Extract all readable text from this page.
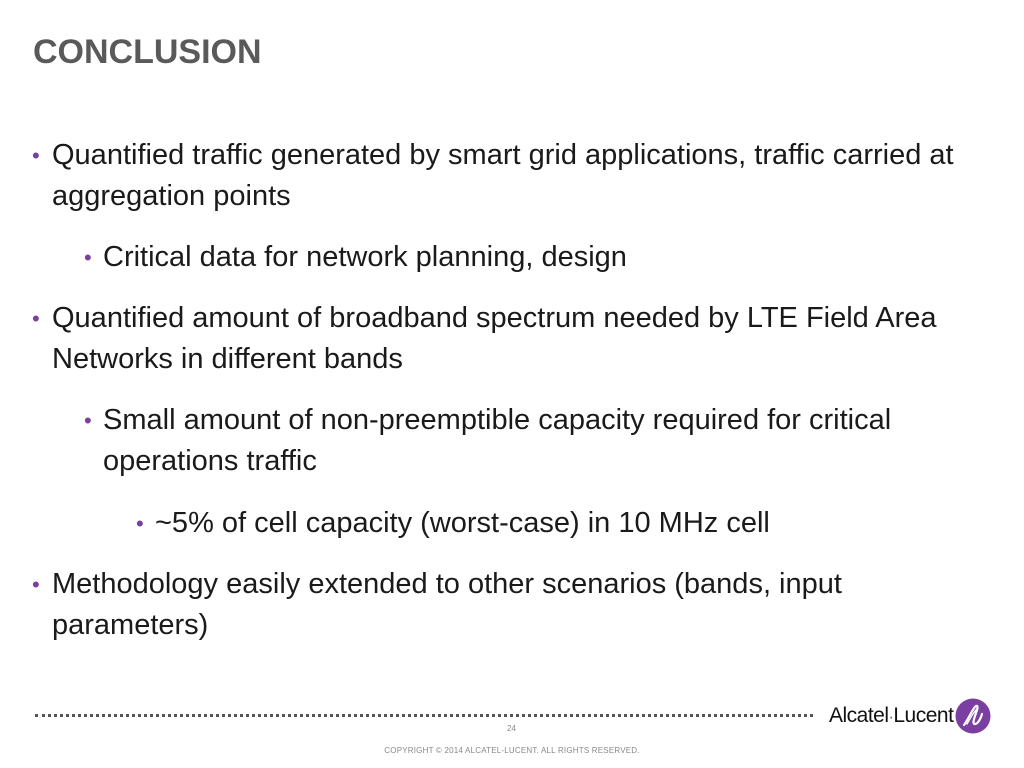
CONCLUSION
• Quantified traffic generated by smart grid applications, traffic carried at aggregation points
• Critical data for network planning, design
• Quantified amount of broadband spectrum needed by LTE Field Area Networks in different bands
• Small amount of non-preemptible capacity required for critical operations traffic
• ~5% of cell capacity (worst-case) in 10 MHz cell
• Methodology easily extended to other scenarios (bands, input parameters)
Alcatel·Lucent
24
COPYRIGHT © 2014 ALCATEL-LUCENT. ALL RIGHTS RESERVED.
